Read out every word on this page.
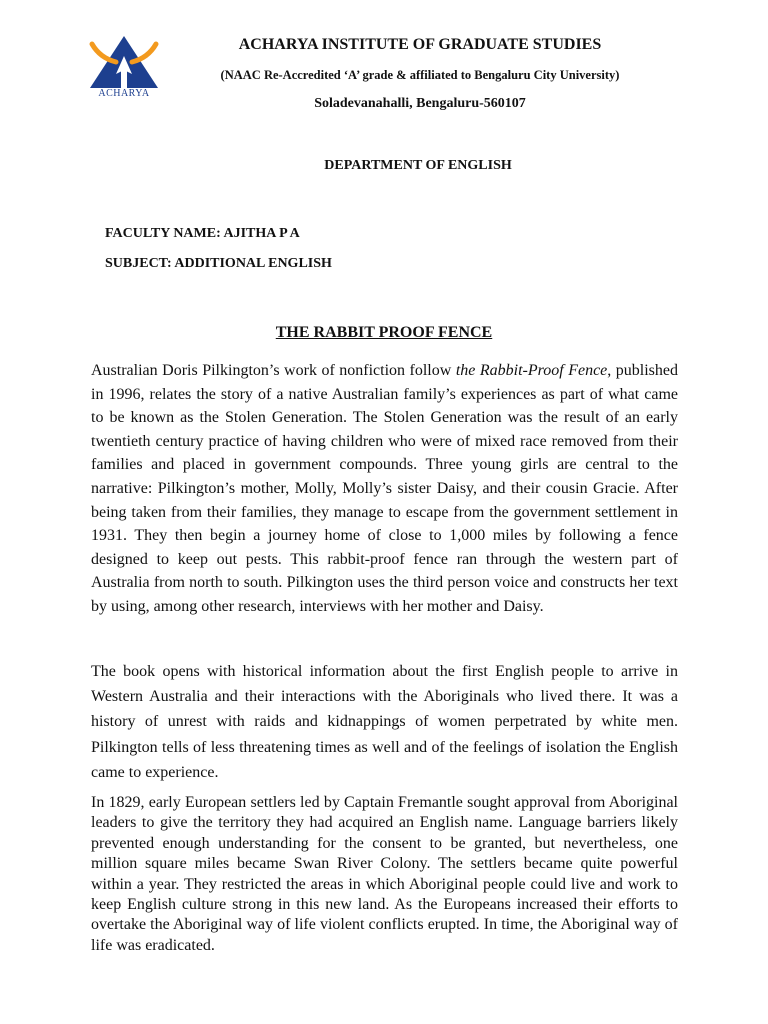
ACHARYA
ACHARYA INSTITUTE OF GRADUATE STUDIES
(NAAC Re-Accredited ‘A’ grade & affiliated to Bengaluru City University)
Soladevanahalli, Bengaluru-560107
DEPARTMENT OF ENGLISH
FACULTY NAME: AJITHA P A
SUBJECT: ADDITIONAL ENGLISH
THE RABBIT PROOF FENCE

Australian Doris Pilkington’s work of nonfiction follow the Rabbit-Proof Fence, published in 1996, relates the story of a native Australian family’s experiences as part of what came to be known as the Stolen Generation. The Stolen Generation was the result of an early twentieth century practice of having children who were of mixed race removed from their families and placed in government compounds. Three young girls are central to the narrative: Pilkington’s mother, Molly, Molly’s sister Daisy, and their cousin Gracie. After being taken from their families, they manage to escape from the government settlement in 1931. They then begin a journey home of close to 1,000 miles by following a fence designed to keep out pests. This rabbit-proof fence ran through the western part of Australia from north to south. Pilkington uses the third person voice and constructs her text by using, among other research, interviews with her mother and Daisy.

The book opens with historical information about the first English people to arrive in Western Australia and their interactions with the Aboriginals who lived there. It was a history of unrest with raids and kidnappings of women perpetrated by white men. Pilkington tells of less threatening times as well and of the feelings of isolation the English came to experience.

In 1829, early European settlers led by Captain Fremantle sought approval from Aboriginal leaders to give the territory they had acquired an English name. Language barriers likely prevented enough understanding for the consent to be granted, but nevertheless, one million square miles became Swan River Colony. The settlers became quite powerful within a year. They restricted the areas in which Aboriginal people could live and work to keep English culture strong in this new land. As the Europeans increased their efforts to overtake the Aboriginal way of life violent conflicts erupted. In time, the Aboriginal way of life was eradicated.
